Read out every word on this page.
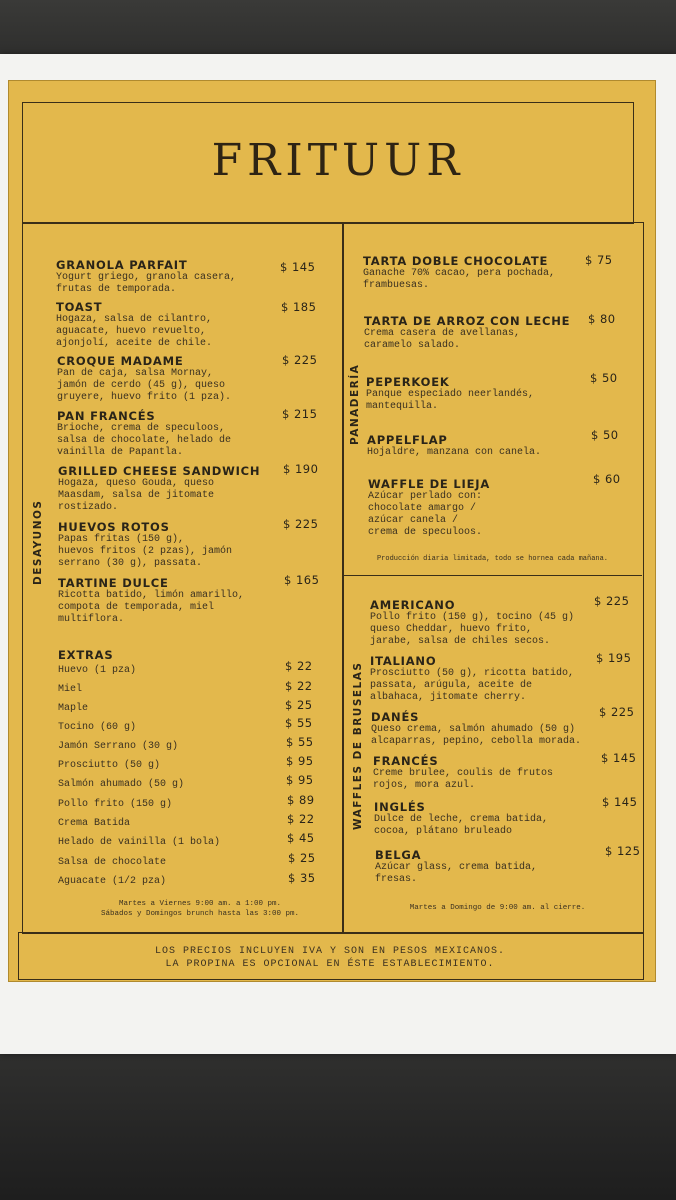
FRITUUR
DESAYUNOS
PANADERÍA
WAFFLES DE BRUSELAS
GRANOLA PARFAIT
Yogurt griego, granola casera,
frutas de temporada.
$ 145
TOAST
Hogaza, salsa de cilantro,
aguacate, huevo revuelto,
ajonjolí, aceite de chile.
$ 185
CROQUE MADAME
Pan de caja, salsa Mornay,
jamón de cerdo (45 g), queso
gruyere, huevo frito (1 pza).
$ 225
PAN FRANCÉS
Brioche, crema de speculoos,
salsa de chocolate, helado de
vainilla de Papantla.
$ 215
GRILLED CHEESE SANDWICH
Hogaza, queso Gouda, queso
Maasdam, salsa de jitomate
rostizado.
$ 190
HUEVOS ROTOS
Papas fritas (150 g),
huevos fritos (2 pzas), jamón
serrano (30 g), passata.
$ 225
TARTINE DULCE
Ricotta batido, limón amarillo,
compota de temporada, miel
multiflora.
$ 165
EXTRAS
Huevo (1 pza)	$ 22
Miel	$ 22
Maple	$ 25
Tocino (60 g)	$ 55
Jamón Serrano (30 g)	$ 55
Prosciutto (50 g)	$ 95
Salmón ahumado (50 g)	$ 95
Pollo frito (150 g)	$ 89
Crema Batida	$ 22
Helado de vainilla (1 bola)	$ 45
Salsa de chocolate	$ 25
Aguacate (1/2 pza)	$ 35
Martes a Viernes 9:00 am. a 1:00 pm.
Sábados y Domingos brunch hasta las 3:00 pm.
TARTA DOBLE CHOCOLATE
Ganache 70% cacao, pera pochada,
frambuesas.
$ 75
TARTA DE ARROZ CON LECHE
Crema casera de avellanas,
caramelo salado.
$ 80
PEPERKOEK
Panque especiado neerlandés,
mantequilla.
$ 50
APPELFLAP
Hojaldre, manzana con canela.
$ 50
WAFFLE DE LIEJA
Azúcar perlado con:
chocolate amargo /
azúcar canela /
crema de speculoos.
$ 60
Producción diaria limitada, todo se hornea cada mañana.
AMERICANO
Pollo frito (150 g), tocino (45 g)
queso Cheddar, huevo frito,
jarabe, salsa de chiles secos.
$ 225
ITALIANO
Prosciutto (50 g), ricotta batido,
passata, arúgula, aceite de
albahaca, jitomate cherry.
$ 195
DANÉS
Queso crema, salmón ahumado (50 g)
alcaparras, pepino, cebolla morada.
$ 225
FRANCÉS
Creme brulee, coulis de frutos
rojos, mora azul.
$ 145
INGLÉS
Dulce de leche, crema batida,
cocoa, plátano bruleado
$ 145
BELGA
Azúcar glass, crema batida,
fresas.
$ 125
Martes a Domingo de 9:00 am. al cierre.
LOS PRECIOS INCLUYEN IVA Y SON EN PESOS MEXICANOS.
LA PROPINA ES OPCIONAL EN ÉSTE ESTABLECIMIENTO.
